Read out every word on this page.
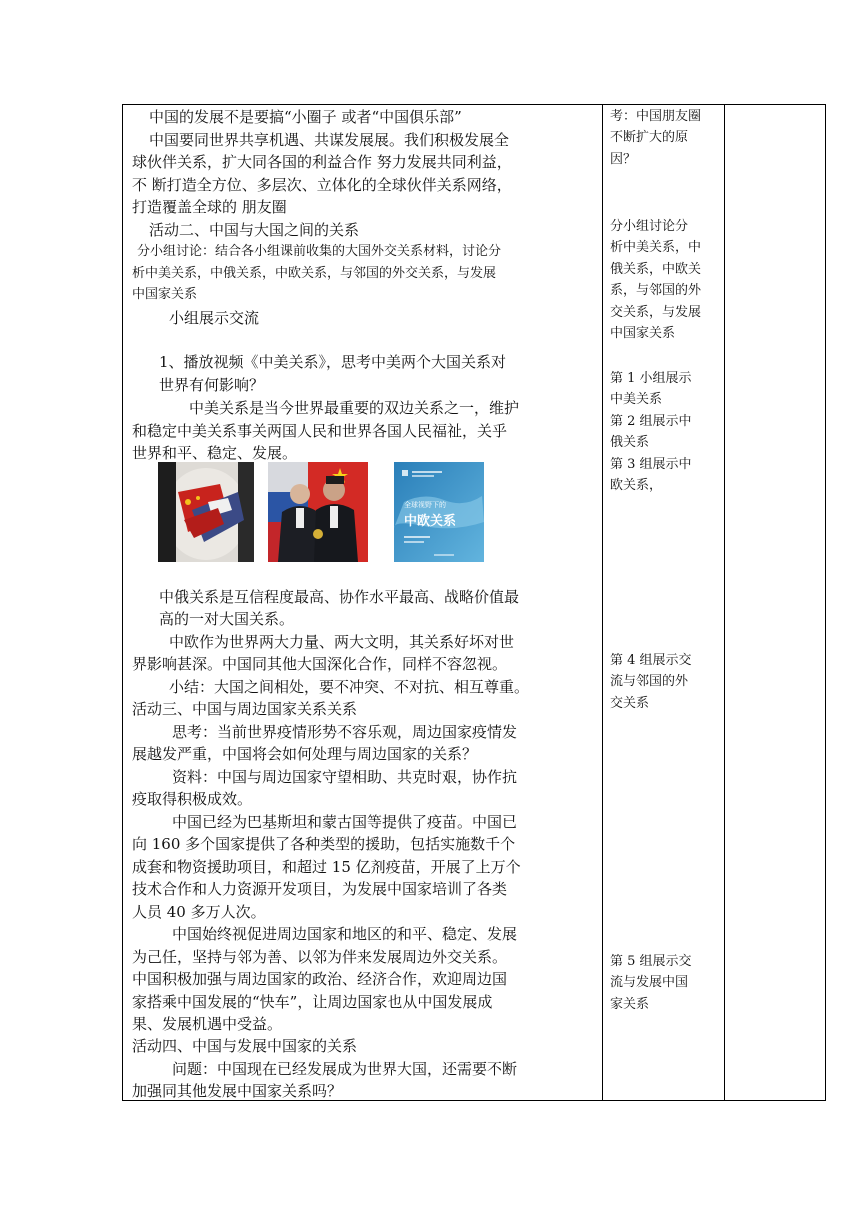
中国的发展不是要搞“小圈子 或者“中国俱乐部”
中国要同世界共享机遇、共谋发展展。我们积极发展全
球伙伴关系，扩大同各国的利益合作 努力发展共同利益，
不 断打造全方位、多层次、立体化的全球伙伴关系网络，
打造覆盖全球的 朋友圈
活动二、中国与大国之间的关系
分小组讨论：结合各小组课前收集的大国外交关系材料，讨论分
析中美关系，中俄关系，中欧关系，与邻国的外交关系，与发展
中国家关系
小组展示交流
1、播放视频《中美关系》，思考中美两个大国关系对
世界有何影响？
中美关系是当今世界最重要的双边关系之一，维护
和稳定中美关系事关两国人民和世界各国人民福祉，关乎
世界和平、稳定、发展。
全球视野下的
中欧关系
中俄关系是互信程度最高、协作水平最高、战略价值最
高的一对大国关系。
中欧作为世界两大力量、两大文明，其关系好坏对世
界影响甚深。中国同其他大国深化合作，同样不容忽视。
小结：大国之间相处，要不冲突、不对抗、相互尊重。
活动三、中国与周边国家关系关系
思考：当前世界疫情形势不容乐观，周边国家疫情发
展越发严重，中国将会如何处理与周边国家的关系？
资料：中国与周边国家守望相助、共克时艰，协作抗
疫取得积极成效。
中国已经为巴基斯坦和蒙古国等提供了疫苗。中国已
向 160 多个国家提供了各种类型的援助，包括实施数千个
成套和物资援助项目，和超过 15 亿剂疫苗，开展了上万个
技术合作和人力资源开发项目，为发展中国家培训了各类
人员 40 多万人次。
中国始终视促进周边国家和地区的和平、稳定、发展
为己任，坚持与邻为善、以邻为伴来发展周边外交关系。
中国积极加强与周边国家的政治、经济合作，欢迎周边国
家搭乘中国发展的“快车”，让周边国家也从中国发展成
果、发展机遇中受益。
活动四、中国与发展中国家的关系
问题：中国现在已经发展成为世界大国，还需要不断
加强同其他发展中国家关系吗？
考：中国朋友圈
不断扩大的原
因？
分小组讨论分
析中美关系，中
俄关系，中欧关
系，与邻国的外
交关系，与发展
中国家关系
第 1 小组展示
中美关系
第 2 组展示中
俄关系
第 3 组展示中
欧关系，
第 4 组展示交
流与邻国的外
交关系
第 5 组展示交
流与发展中国
家关系
